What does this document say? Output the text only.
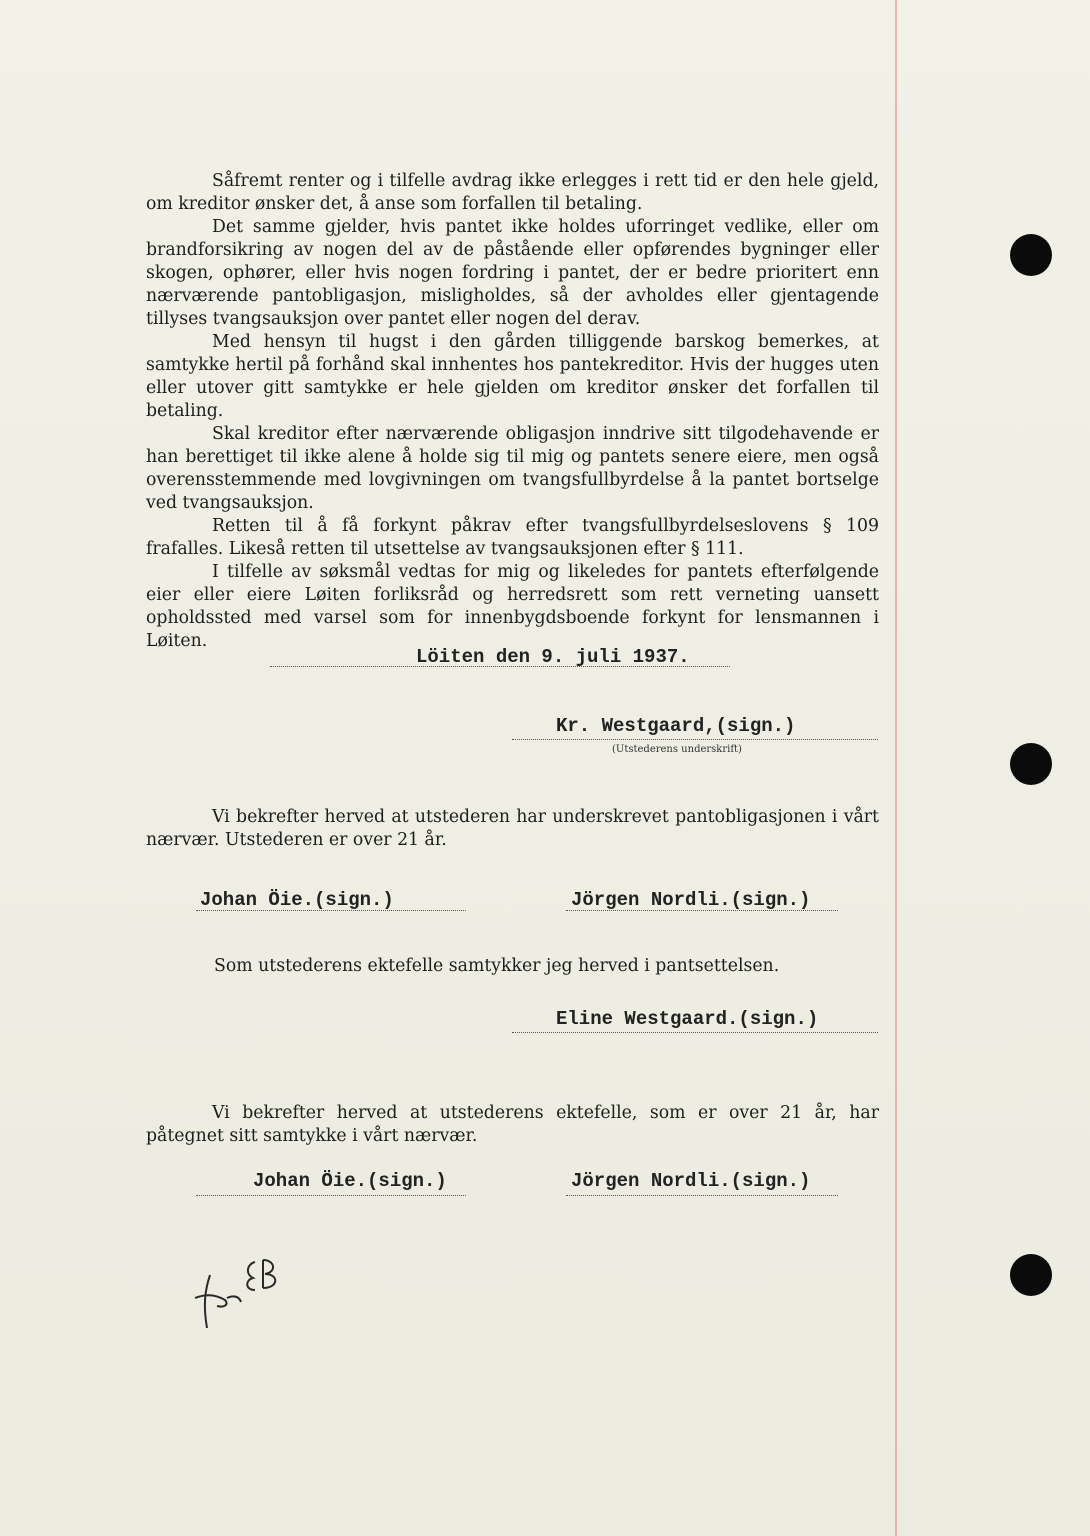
Såfremt renter og i tilfelle avdrag ikke erlegges i rett tid er den hele gjeld, om kreditor ønsker det, å anse som forfallen til betaling.

Det samme gjelder, hvis pantet ikke holdes uforringet vedlike, eller om brandforsikring av nogen del av de påstående eller opførendes bygninger eller skogen, ophører, eller hvis nogen fordring i pantet, der er bedre prioritert enn nærværende pantobligasjon, misligholdes, så der avholdes eller gjentagende tillyses tvangsauksjon over pantet eller nogen del derav.

Med hensyn til hugst i den gården tilliggende barskog bemerkes, at samtykke hertil på forhånd skal innhentes hos pantekreditor. Hvis der hugges uten eller utover gitt samtykke er hele gjelden om kreditor ønsker det forfallen til betaling.

Skal kreditor efter nærværende obligasjon inndrive sitt tilgodehavende er han berettiget til ikke alene å holde sig til mig og pantets senere eiere, men også overensstemmende med lovgivningen om tvangsfullbyrdelse å la pantet bortselge ved tvangsauksjon.

Retten til å få forkynt påkrav efter tvangsfullbyrdelseslovens § 109 frafalles. Likeså retten til utsettelse av tvangsauksjonen efter § 111.

I tilfelle av søksmål vedtas for mig og likeledes for pantets efterfølgende eier eller eiere Løiten forliksråd og herredsrett som rett verneting uansett opholdssted med varsel som for innenbygdsboende forkynt for lensmannen i Løiten.

Löiten den 9. juli 1937.
Kr. Westgaard,(sign.)
(Utstederens underskrift)

Vi bekrefter herved at utstederen har underskrevet pantobligasjonen i vårt nærvær. Utstederen er over 21 år.

Johan Öie.(sign.)	Jörgen Nordli.(sign.)
Som utstederens ektefelle samtykker jeg herved i pantsettelsen.
Eline Westgaard.(sign.)

Vi bekrefter herved at utstederens ektefelle, som er over 21 år, har påtegnet sitt samtykke i vårt nærvær.

Johan Öie.(sign.)	Jörgen Nordli.(sign.)
